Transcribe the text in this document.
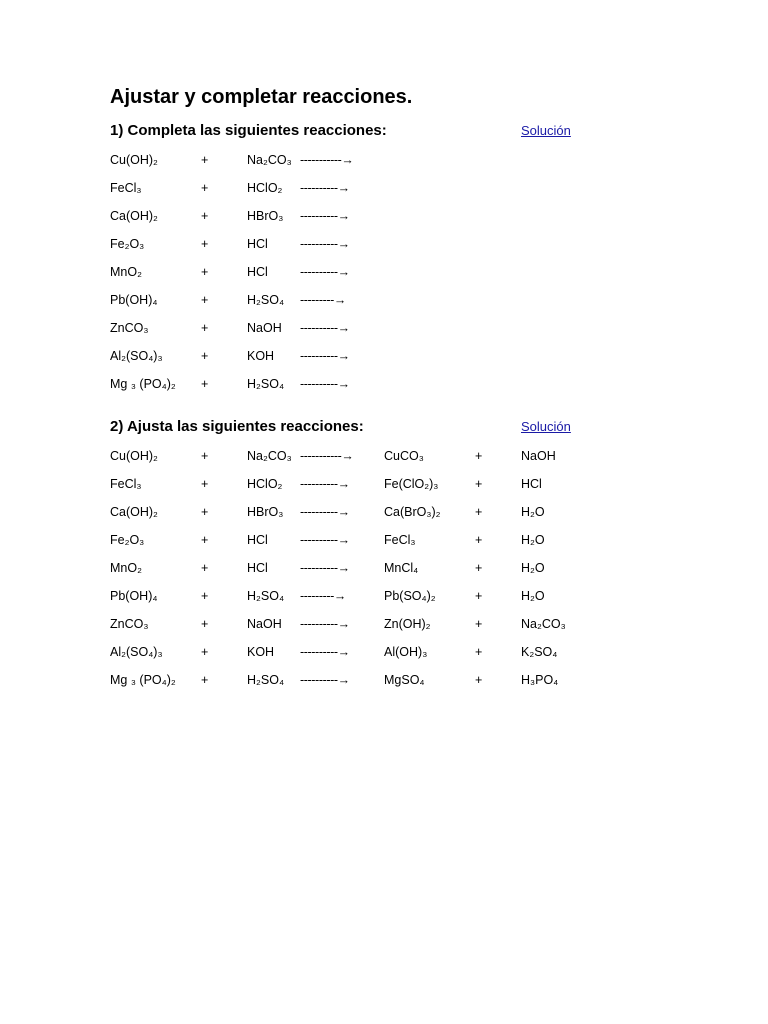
Ajustar y completar reacciones.
1) Completa las siguientes reacciones:	Solución
Cu(OH)₂	+	Na₂CO₃ -----------→
FeCl₃	+	HClO₂ ----------→
Ca(OH)₂	+	HBrO₃ ----------→
Fe₂O₃	+	HCl	----------→
MnO₂	+	HCl	----------→
Pb(OH)₄	+	H₂SO₄ ---------→
ZnCO₃	+	NaOH ----------→
Al₂(SO₄)₃	+	KOH ----------→
Mg ₃ (PO₄)₂ +	H₂SO₄ ----------→
2) Ajusta las siguientes reacciones:	Solución
Cu(OH)₂	+	Na₂CO₃ -----------→ CuCO₃	+	NaOH
FeCl₃	+	HClO₂ ----------→	Fe(ClO₂)₃	+	HCl
Ca(OH)₂	+	HBrO₃ ----------→	Ca(BrO₃)₂	+	H₂O
Fe₂O₃	+	HCl	----------→	FeCl₃	+	H₂O
MnO₂	+	HCl	----------→	MnCl₄	+	H₂O
Pb(OH)₄	+	H₂SO₄ ---------→	Pb(SO₄)₂	+	H₂O
ZnCO₃	+	NaOH ----------→	Zn(OH)₂	+	Na₂CO₃
Al₂(SO₄)₃	+	KOH ----------→	Al(OH)₃	+	K₂SO₄
Mg ₃ (PO₄)₂ +	H₂SO₄ ----------→	MgSO₄	+	H₃PO₄
